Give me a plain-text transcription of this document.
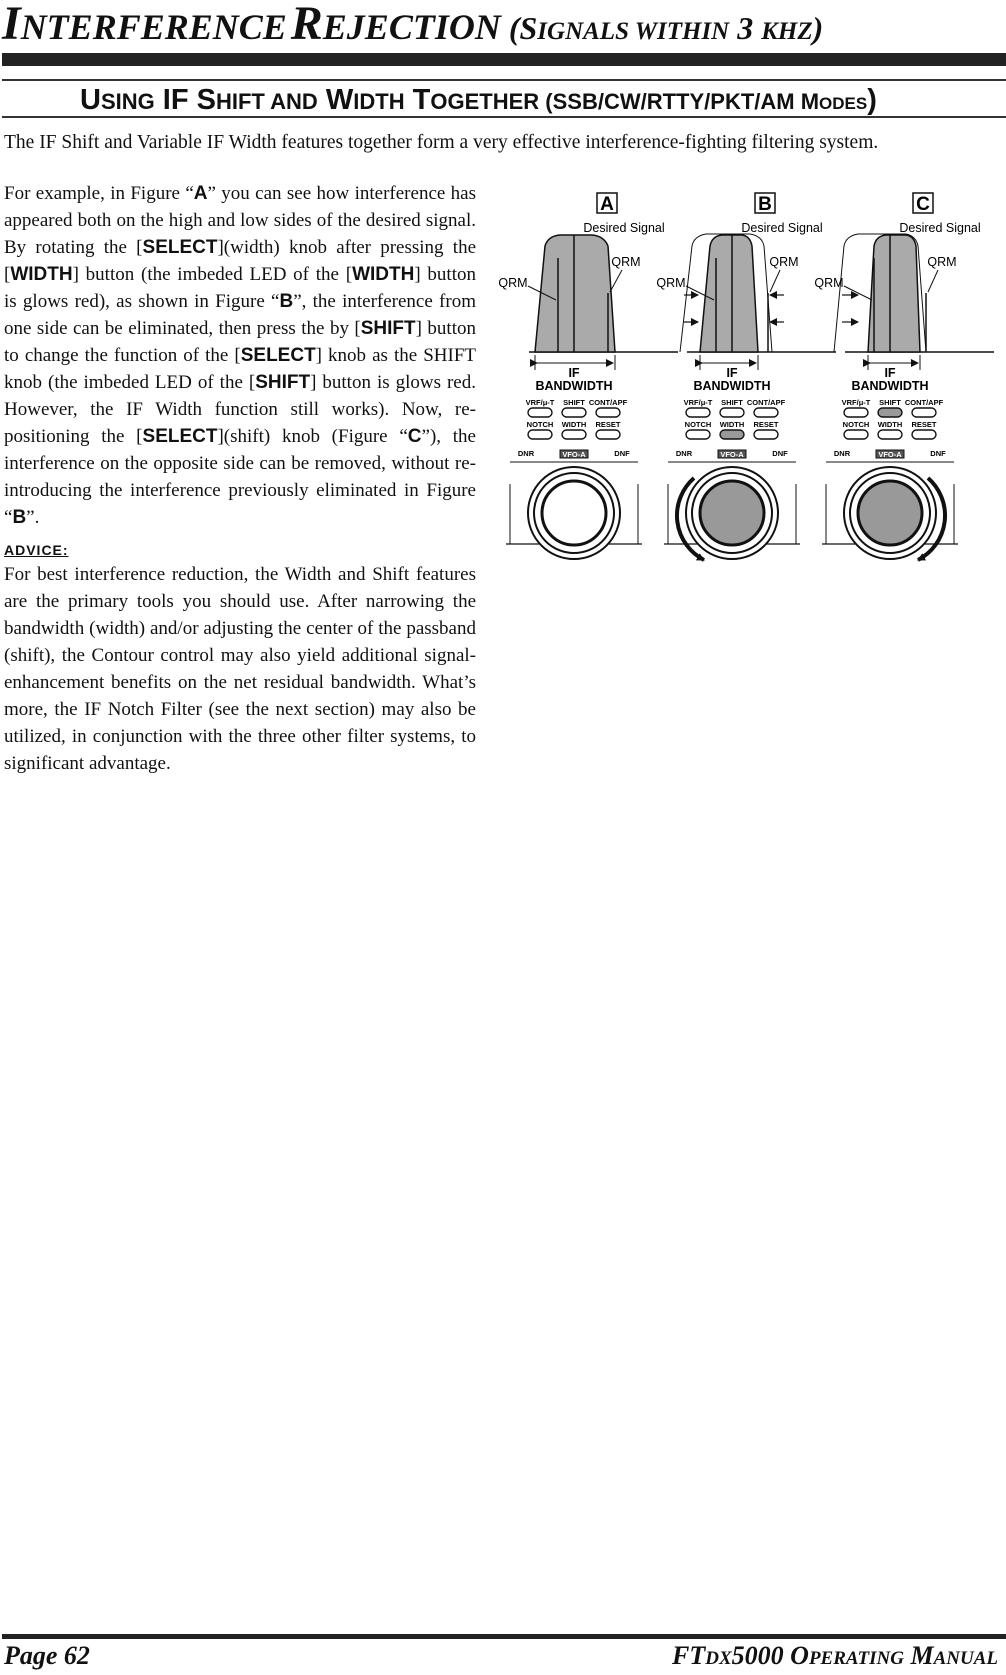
INTERFERENCE REJECTION (SIGNALS WITHIN 3 KHZ)
USING IF SHIFT AND WIDTH TOGETHER (SSB/CW/RTTY/PKT/AM MODES)
The IF Shift and Variable IF Width features together form a very effective interference-fighting filtering system.

For example, in Figure “A” you can see how interference has appeared both on the high and low sides of the desired signal. By rotating the [SELECT](width) knob after pressing the [WIDTH] button (the imbeded LED of the [WIDTH] button is glows red), as shown in Figure “B”, the interference from one side can be eliminated, then press the by [SHIFT] button to change the function of the [SELECT] knob as the SHIFT knob (the imbeded LED of the [SHIFT] button is glows red. However, the IF Width function still works). Now, re-positioning the [SELECT](shift) knob (Figure “C”), the interference on the opposite side can be removed, without re-introducing the interference previously eliminated in Figure “B”.

ADVICE:

For best interference reduction, the Width and Shift features are the primary tools you should use. After narrowing the bandwidth (width) and/or adjusting the center of the passband (shift), the Contour control may also yield additional signal-enhancement benefits on the net residual bandwidth. What’s more, the IF Notch Filter (see the next section) may also be utilized, in conjunction with the three other filter systems, to significant advantage.

A
Desired Signal
QRM
QRM
IF
BANDWIDTH
VRF/μ-T SHIFT CONT/APF
NOTCH WIDTH RESET
DNR	VFO-A	DNF
B
Desired Signal
QRM
QRM
IF
BANDWIDTH
VRF/μ-T SHIFT CONT/APF
NOTCH WIDTH RESET
DNR	VFO-A	DNF
C
Desired Signal
QRM
QRM
IF
BANDWIDTH
VRF/μ-T SHIFT CONT/APF
NOTCH WIDTH RESET
DNR	VFO-A	DNF
Page 62	FTDX5000 OPERATING MANUAL
